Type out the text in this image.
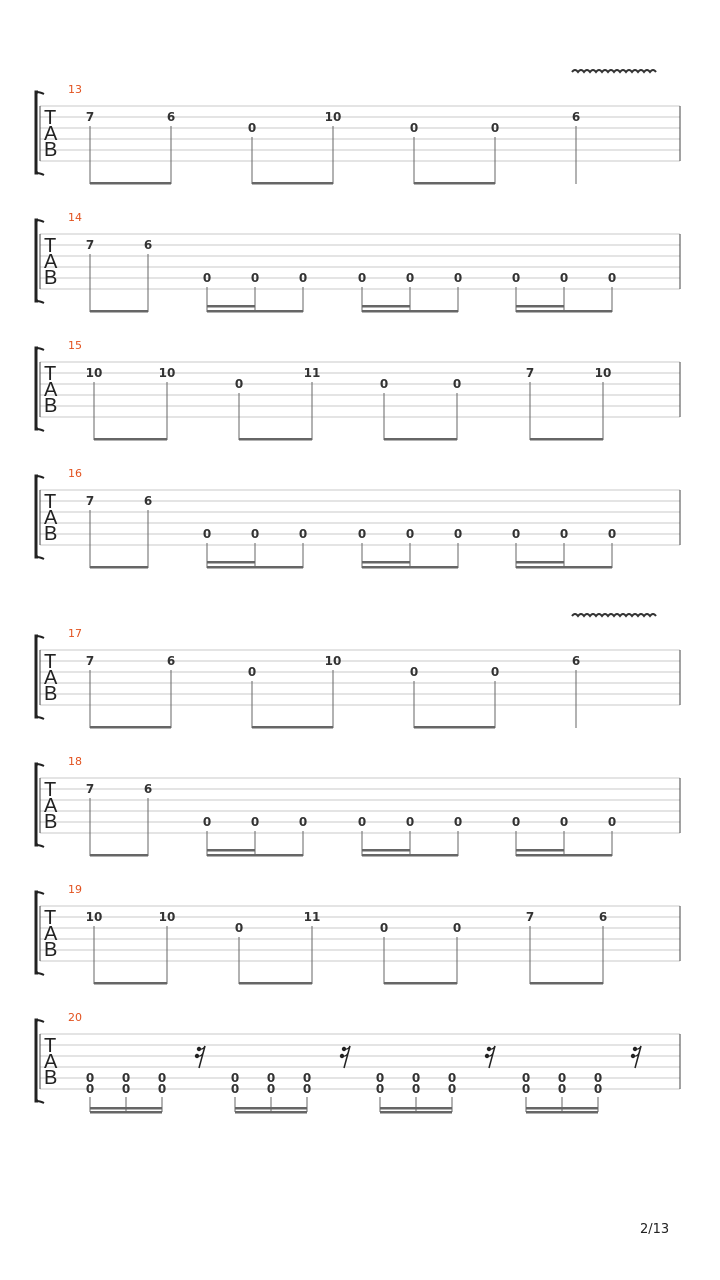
T
A
B
13
7	6
0
10
0	0
6
T
A
B
14
7	6
0	0	0	0	0	0	0	0	0
T
A
B
15
10	10
0
11
0	0
7	10
T
A
B
16
7	6
0	0	0	0	0	0	0	0	0
T
A
B
17
7	6
0
10
0	0
6
T
A
B
18
7	6
0	0	0	0	0	0	0	0	0
T
A
B
19
10	10
0
11
0	0
7	6
T
A
B
20
0
0
0
0
0
0
0
0
0
0
0
0
0
0
0
0
0
0
0
0
0
0
0
0
2/13
